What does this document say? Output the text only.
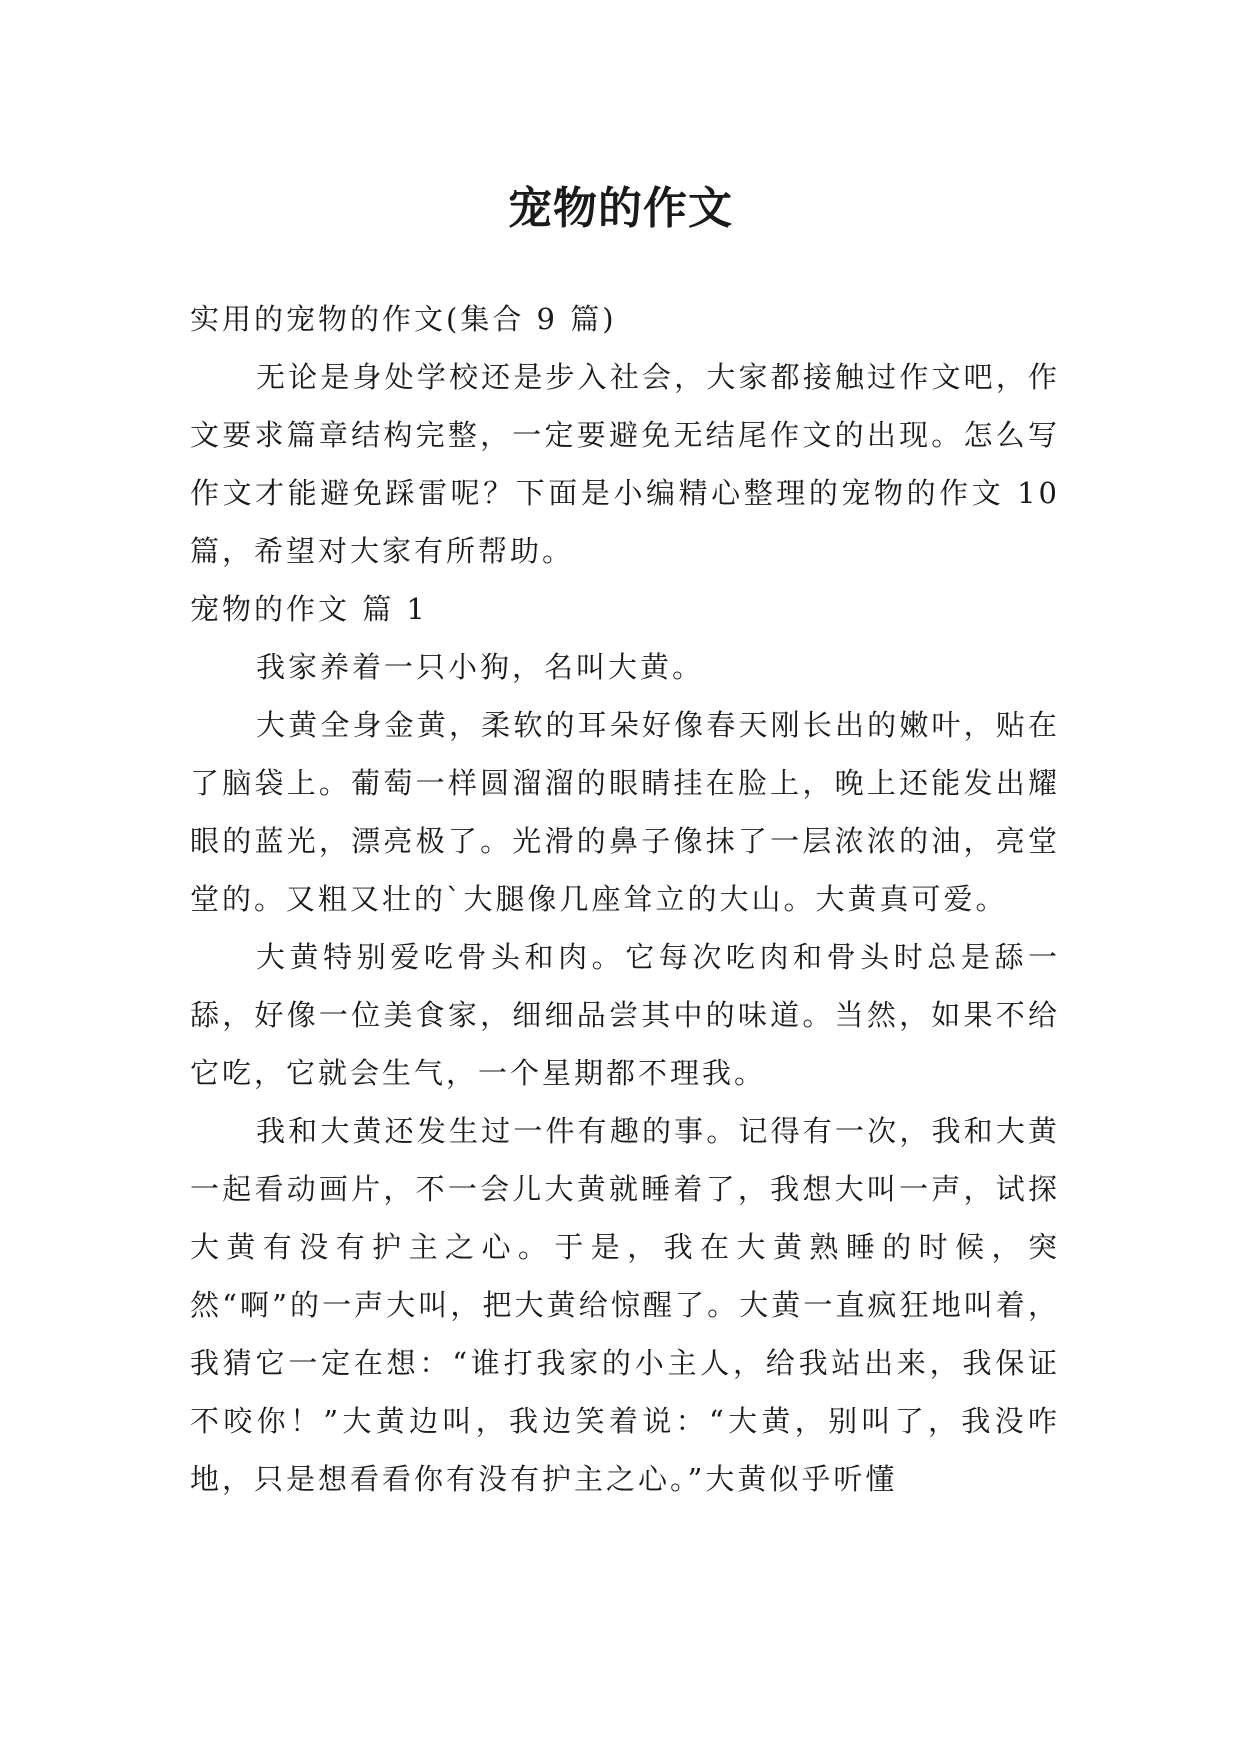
宠物的作文

实用的宠物的作文(集合 9 篇)

无论是身处学校还是步入社会，大家都接触过作文吧，作文要求篇章结构完整，一定要避免无结尾作文的出现。怎么写作文才能避免踩雷呢？下面是小编精心整理的宠物的作文 10 篇，希望对大家有所帮助。

宠物的作文 篇 1

我家养着一只小狗，名叫大黄。

大黄全身金黄，柔软的耳朵好像春天刚长出的嫩叶，贴在了脑袋上。葡萄一样圆溜溜的眼睛挂在脸上，晚上还能发出耀眼的蓝光，漂亮极了。光滑的鼻子像抹了一层浓浓的油，亮堂堂的。又粗又壮的`大腿像几座耸立的大山。大黄真可爱。

大黄特别爱吃骨头和肉。它每次吃肉和骨头时总是舔一舔，好像一位美食家，细细品尝其中的味道。当然，如果不给它吃，它就会生气，一个星期都不理我。

我和大黄还发生过一件有趣的事。记得有一次，我和大黄一起看动画片，不一会儿大黄就睡着了，我想大叫一声，试探大黄有没有护主之心。于是，我在大黄熟睡的时候，突然“啊”的一声大叫，把大黄给惊醒了。大黄一直疯狂地叫着，我猜它一定在想：“谁打我家的小主人，给我站出来，我保证不咬你！”大黄边叫，我边笑着说：“大黄，别叫了，我没咋地，只是想看看你有没有护主之心。”大黄似乎听懂
